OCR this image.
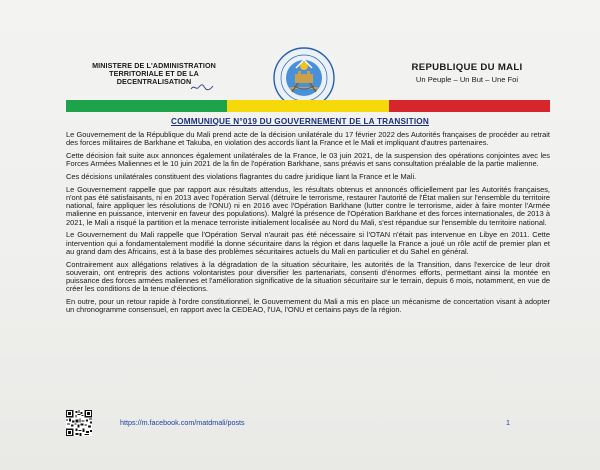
MINISTERE DE L'ADMINISTRATION
TERRITORIALE ET DE LA
DECENTRALISATION
REPUBLIQUE DU MALI
Un Peuple – Un But – Une Foi
COMMUNIQUE N°019 DU GOUVERNEMENT DE LA TRANSITION

Le Gouvernement de la République du Mali prend acte de la décision unilatérale du 17 février 2022 des Autorités françaises de procéder au retrait des forces militaires de Barkhane et Takuba, en violation des accords liant la France et le Mali et impliquant d'autres partenaires.

Cette décision fait suite aux annonces également unilatérales de la France, le 03 juin 2021, de la suspension des opérations conjointes avec les Forces Armées Maliennes et le 10 juin 2021 de la fin de l'opération Barkhane, sans préavis et sans consultation préalable de la partie malienne.

Ces décisions unilatérales constituent des violations flagrantes du cadre juridique liant la France et le Mali.

Le Gouvernement rappelle que par rapport aux résultats attendus, les résultats obtenus et annoncés officiellement par les Autorités françaises, n'ont pas été satisfaisants, ni en 2013 avec l'opération Serval (détruire le terrorisme, restaurer l'autorité de l'État malien sur l'ensemble du territoire national, faire appliquer les résolutions de l'ONU) ni en 2016 avec l'Opération Barkhane (lutter contre le terrorisme, aider à faire monter l'Armée malienne en puissance, intervenir en faveur des populations). Malgré la présence de l'Opération Barkhane et des forces internationales, de 2013 à 2021, le Mali a risqué la partition et la menace terroriste initialement localisée au Nord du Mali, s'est répandue sur l'ensemble du territoire national.

Le Gouvernement du Mali rappelle que l'Opération Serval n'aurait pas été nécessaire si l'OTAN n'était pas intervenue en Libye en 2011. Cette intervention qui a fondamentalement modifié la donne sécuritaire dans la région et dans laquelle la France a joué un rôle actif de premier plan et au grand dam des Africains, est à la base des problèmes sécuritaires actuels du Mali en particulier et du Sahel en général.

Contrairement aux allégations relatives à la dégradation de la situation sécuritaire, les autorités de la Transition, dans l'exercice de leur droit souverain, ont entrepris des actions volontaristes pour diversifier les partenariats, consenti d'énormes efforts, permettant ainsi la montée en puissance des forces armées maliennes et l'amélioration significative de la situation sécuritaire sur le terrain, depuis 6 mois, notamment, en vue de créer les conditions de la tenue d'élections.

En outre, pour un retour rapide à l'ordre constitutionnel, le Gouvernement du Mali a mis en place un mécanisme de concertation visant à adopter un chronogramme consensuel, en rapport avec la CEDEAO, l'UA, l'ONU et certains pays de la région.

https://m.facebook.com/matdmali/posts	1
